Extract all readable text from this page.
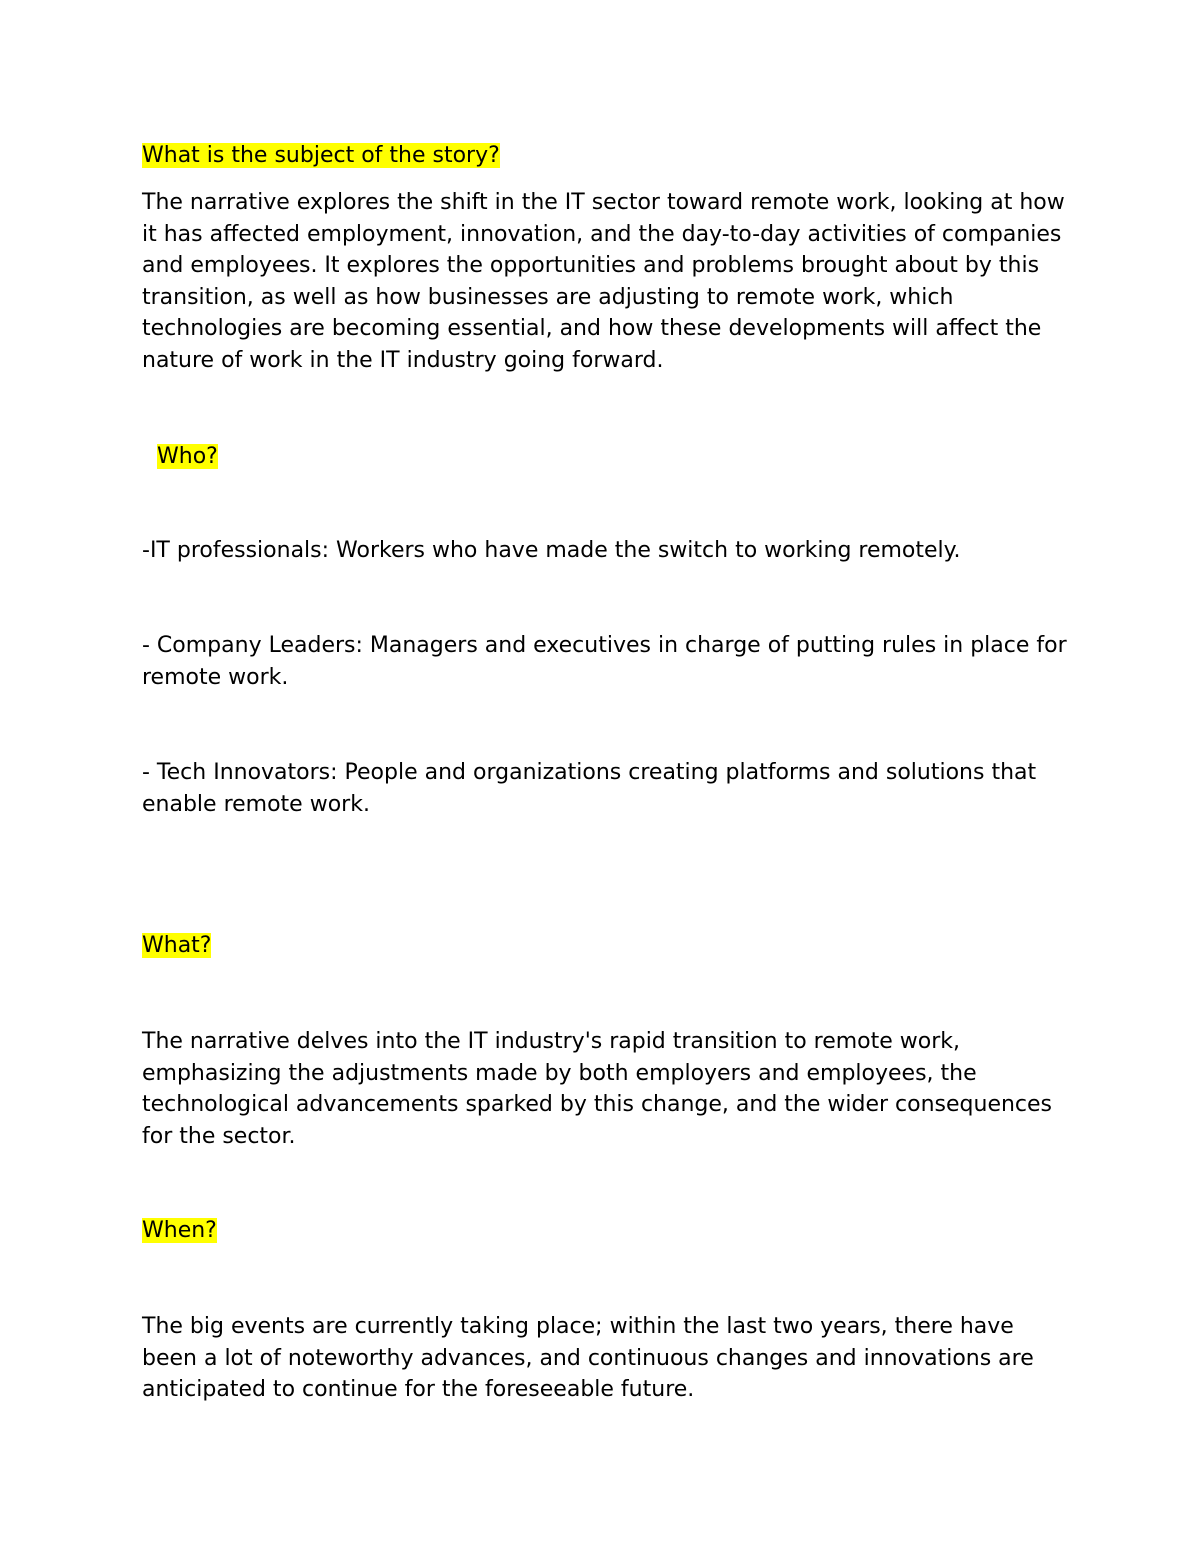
What is the subject of the story?

The narrative explores the shift in the IT sector toward remote work, looking at how it has affected employment, innovation, and the day-to-day activities of companies and employees. It explores the opportunities and problems brought about by this transition, as well as how businesses are adjusting to remote work, which technologies are becoming essential, and how these developments will affect the nature of work in the IT industry going forward.

Who?

-IT professionals: Workers who have made the switch to working remotely.

- Company Leaders: Managers and executives in charge of putting rules in place for remote work.

- Tech Innovators: People and organizations creating platforms and solutions that enable remote work.

What?

The narrative delves into the IT industry's rapid transition to remote work, emphasizing the adjustments made by both employers and employees, the technological advancements sparked by this change, and the wider consequences for the sector.

When?

The big events are currently taking place; within the last two years, there have been a lot of noteworthy advances, and continuous changes and innovations are anticipated to continue for the foreseeable future.
